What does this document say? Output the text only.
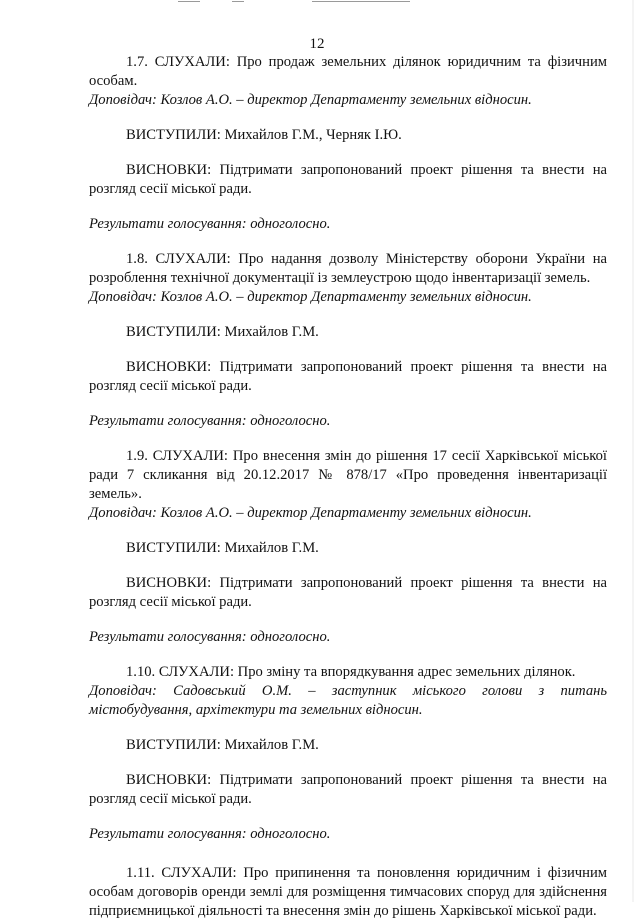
12

1.7. СЛУХАЛИ: Про продаж земельних ділянок юридичним та фізичним особам.

Доповідач: Козлов А.О. – директор Департаменту земельних відносин.

ВИСТУПИЛИ: Михайлов Г.М., Черняк І.Ю.

ВИСНОВКИ: Підтримати запропонований проект рішення та внести на розгляд сесії міської ради.

Результати голосування: одноголосно.

1.8. СЛУХАЛИ: Про надання дозволу Міністерству оборони України на розроблення технічної документації із землеустрою щодо інвентаризації земель.

Доповідач: Козлов А.О. – директор Департаменту земельних відносин.

ВИСТУПИЛИ: Михайлов Г.М.

ВИСНОВКИ: Підтримати запропонований проект рішення та внести на розгляд сесії міської ради.

Результати голосування: одноголосно.

1.9. СЛУХАЛИ: Про внесення змін до рішення 17 сесії Харківської міської ради 7 скликання від 20.12.2017 № 878/17 «Про проведення інвентаризації земель».

Доповідач: Козлов А.О. – директор Департаменту земельних відносин.

ВИСТУПИЛИ: Михайлов Г.М.

ВИСНОВКИ: Підтримати запропонований проект рішення та внести на розгляд сесії міської ради.

Результати голосування: одноголосно.

1.10. СЛУХАЛИ: Про зміну та впорядкування адрес земельних ділянок.

Доповідач: Садовський О.М. – заступник міського голови з питань містобудування, архітектури та земельних відносин.

ВИСТУПИЛИ: Михайлов Г.М.

ВИСНОВКИ: Підтримати запропонований проект рішення та внести на розгляд сесії міської ради.

Результати голосування: одноголосно.

1.11. СЛУХАЛИ: Про припинення та поновлення юридичним і фізичним особам договорів оренди землі для розміщення тимчасових споруд для здійснення підприємницької діяльності та внесення змін до рішень Харківської міської ради.
